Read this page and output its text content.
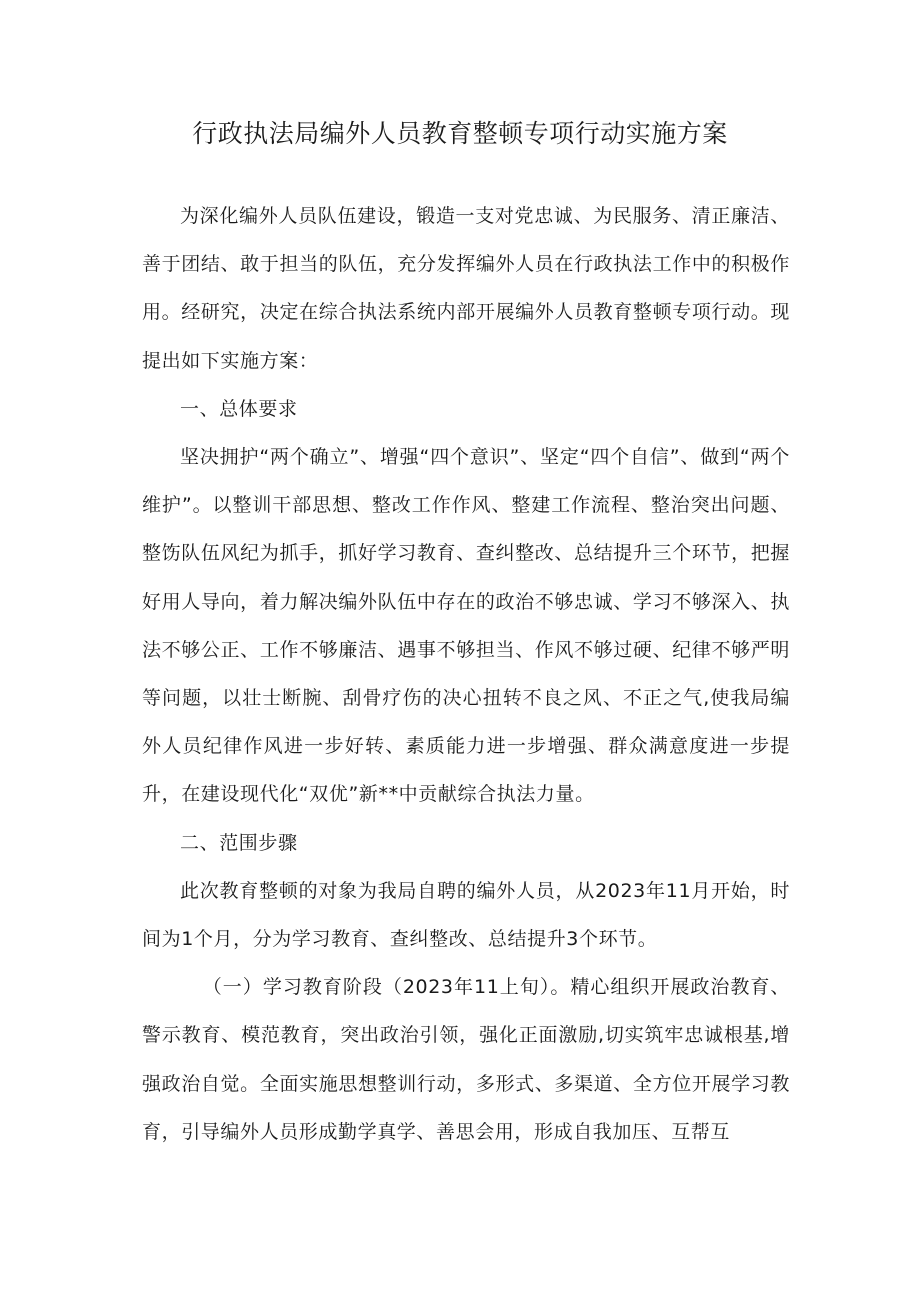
行政执法局编外人员教育整顿专项行动实施方案

为深化编外人员队伍建设，锻造一支对党忠诚、为民服务、清正廉洁、善于团结、敢于担当的队伍，充分发挥编外人员在行政执法工作中的积极作用。经研究，决定在综合执法系统内部开展编外人员教育整顿专项行动。现提出如下实施方案：

一、总体要求

坚决拥护“两个确立”、增强“四个意识”、坚定“四个自信”、做到“两个维护”。以整训干部思想、整改工作作风、整建工作流程、整治突出问题、整饬队伍风纪为抓手，抓好学习教育、查纠整改、总结提升三个环节，把握好用人导向，着力解决编外队伍中存在的政治不够忠诚、学习不够深入、执法不够公正、工作不够廉洁、遇事不够担当、作风不够过硬、纪律不够严明等问题，以壮士断腕、刮骨疗伤的决心扭转不良之风、不正之气,使我局编外人员纪律作风进一步好转、素质能力进一步增强、群众满意度进一步提升，在建设现代化“双优”新**中贡献综合执法力量。

二、范围步骤

此次教育整顿的对象为我局自聘的编外人员，从2023年11月开始，时间为1个月，分为学习教育、查纠整改、总结提升3个环节。

（一）学习教育阶段（2023年11上旬）。精心组织开展政治教育、警示教育、模范教育，突出政治引领，强化正面激励,切实筑牢忠诚根基,增强政治自觉。全面实施思想整训行动，多形式、多渠道、全方位开展学习教育，引导编外人员形成勤学真学、善思会用，形成自我加压、互帮互
